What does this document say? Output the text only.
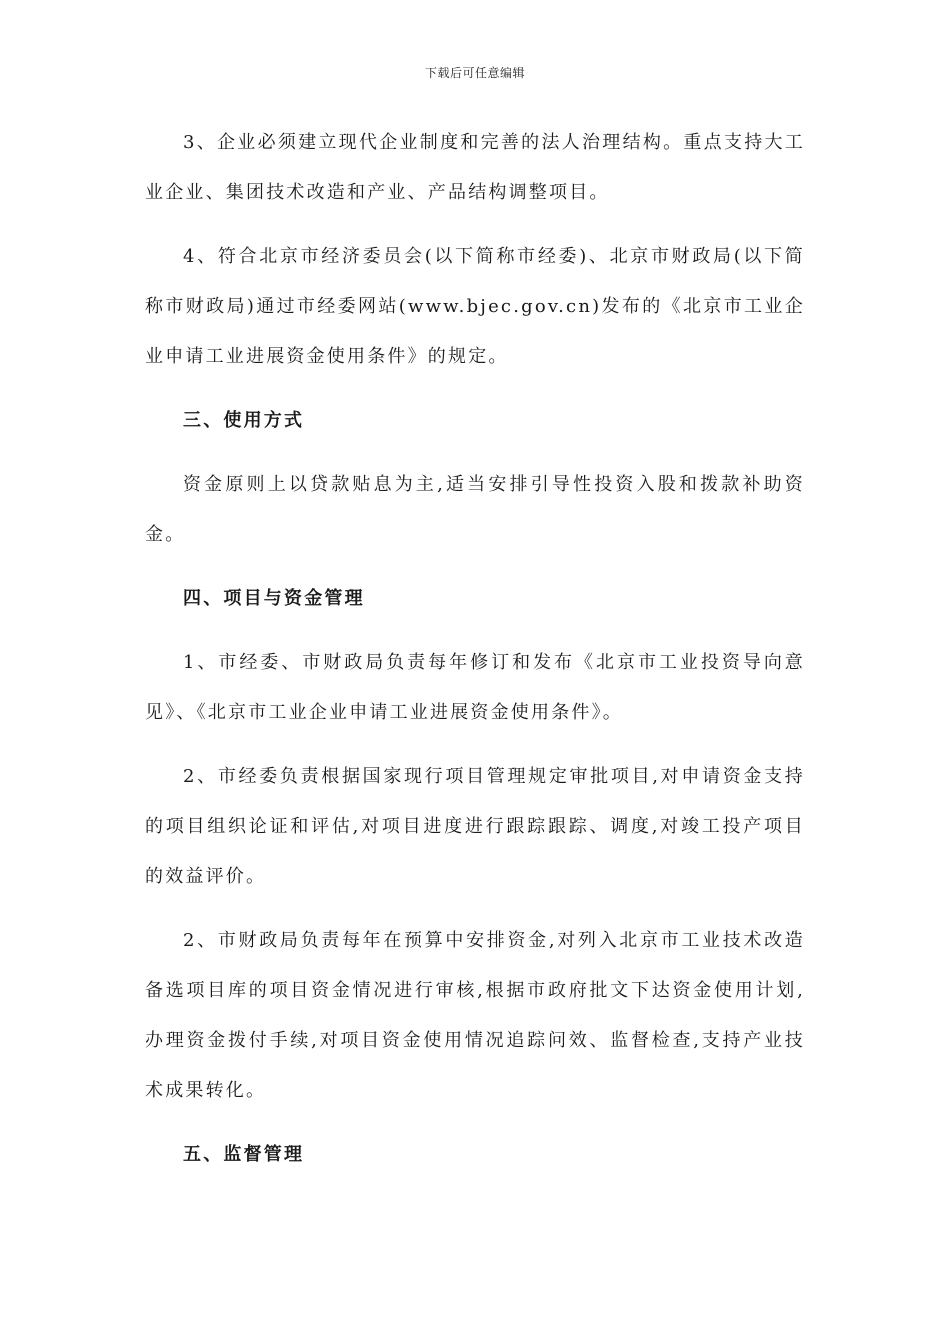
下载后可任意编辑

3、企业必须建立现代企业制度和完善的法人治理结构。重点支持大工业企业、集团技术改造和产业、产品结构调整项目。

4、符合北京市经济委员会(以下简称市经委)、北京市财政局(以下简称市财政局)通过市经委网站(www.bjec.gov.cn)发布的《北京市工业企业申请工业进展资金使用条件》的规定。

三、使用方式

资金原则上以贷款贴息为主,适当安排引导性投资入股和拨款补助资金。

四、项目与资金管理

1、市经委、市财政局负责每年修订和发布《北京市工业投资导向意见》、《北京市工业企业申请工业进展资金使用条件》。

2、市经委负责根据国家现行项目管理规定审批项目,对申请资金支持的项目组织论证和评估,对项目进度进行跟踪跟踪、调度,对竣工投产项目的效益评价。

2、市财政局负责每年在预算中安排资金,对列入北京市工业技术改造备选项目库的项目资金情况进行审核,根据市政府批文下达资金使用计划,办理资金拨付手续,对项目资金使用情况追踪问效、监督检查,支持产业技术成果转化。

五、监督管理
